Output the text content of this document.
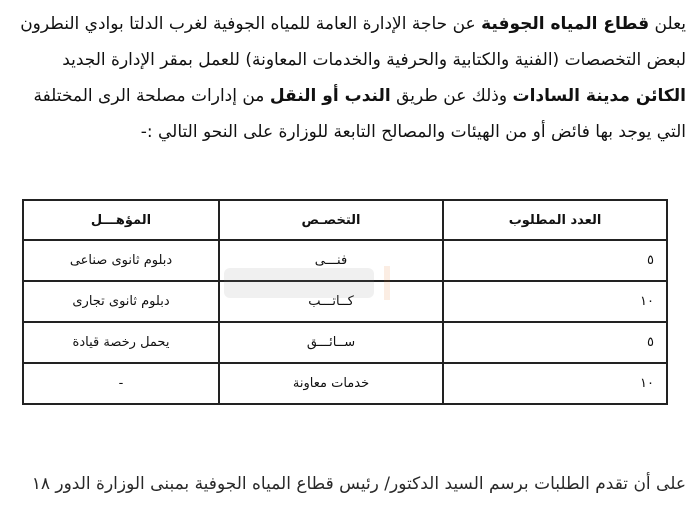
يعلن قطاع المياه الجوفية عن حاجة الإدارة العامة للمياه الجوفية لغرب الدلتا بوادي النطرون

لبعض التخصصات (الفنية والكتابية والحرفية والخدمات المعاونة) للعمل بمقر الإدارة الجديد

الكائن مدينة السادات وذلك عن طريق الندب أو النقل من إدارات مصلحة الرى المختلفة

التي يوجد بها فائض أو من الهيئات والمصالح التابعة للوزارة على النحو التالي :-

العدد المطلوب	التخصـص	المؤهـــل
٥	فنـــى	دبلوم ثانوى صناعى
١٠	كــاتـــب	دبلوم ثانوى تجارى
٥	ســائـــق	يحمل رخصة قيادة
١٠	خدمات معاونة	-

على أن تقدم الطلبات برسم السيد الدكتور/ رئيس قطاع المياه الجوفية بمبنى الوزارة الدور ١٨
